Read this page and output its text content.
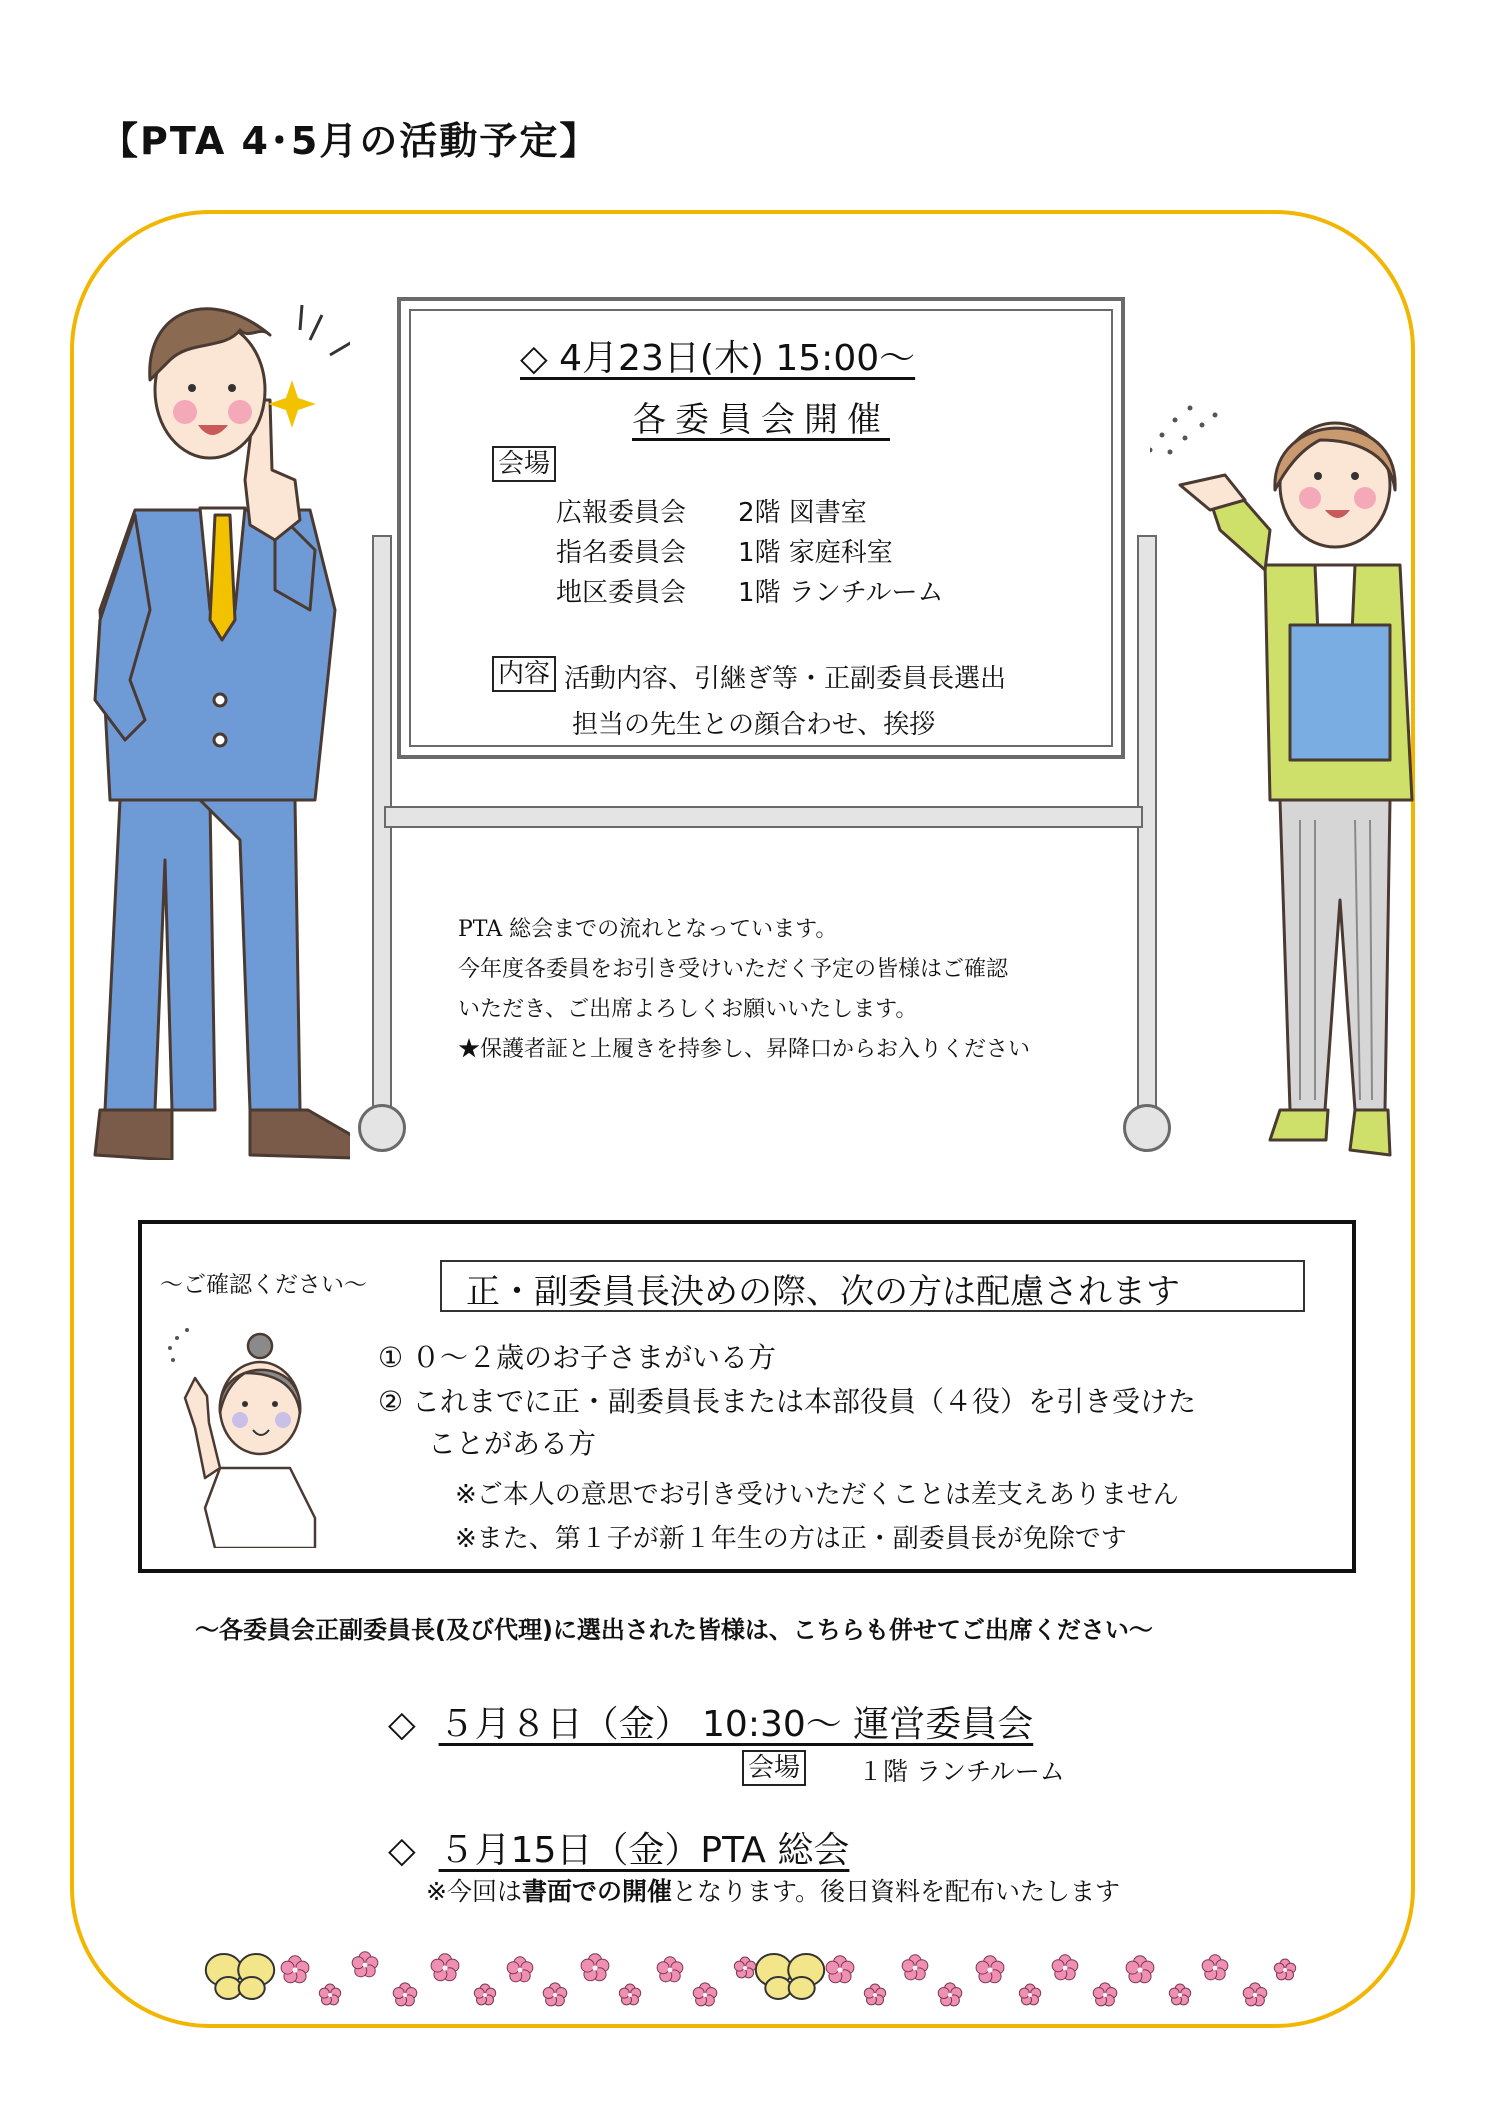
【PTA 4･5月の活動予定】
◇ 4月23日(木) 15:00～
各委員会開催
会場
広報委員会 2階 図書室
指名委員会 1階 家庭科室
地区委員会 1階 ランチルーム
内容 活動内容、引継ぎ等・正副委員長選出
担当の先生との顔合わせ、挨拶
PTA 総会までの流れとなっています。
今年度各委員をお引き受けいただく予定の皆様はご確認
いただき、ご出席よろしくお願いいたします。
★保護者証と上履きを持参し、昇降口からお入りください
～ご確認ください～	正・副委員長決めの際、次の方は配慮されます
① ０～２歳のお子さまがいる方
② これまでに正・副委員長または本部役員（４役）を引き受けた
ことがある方
※ご本人の意思でお引き受けいただくことは差支えありません
※また、第１子が新１年生の方は正・副委員長が免除です
～各委員会正副委員長(及び代理)に選出された皆様は、こちらも併せてご出席ください～
◇ ５月８日（金） 10:30～ 運営委員会
会場 １階 ランチルーム
◇ ５月15日（金）PTA 総会
※今回は書面での開催となります。後日資料を配布いたします
